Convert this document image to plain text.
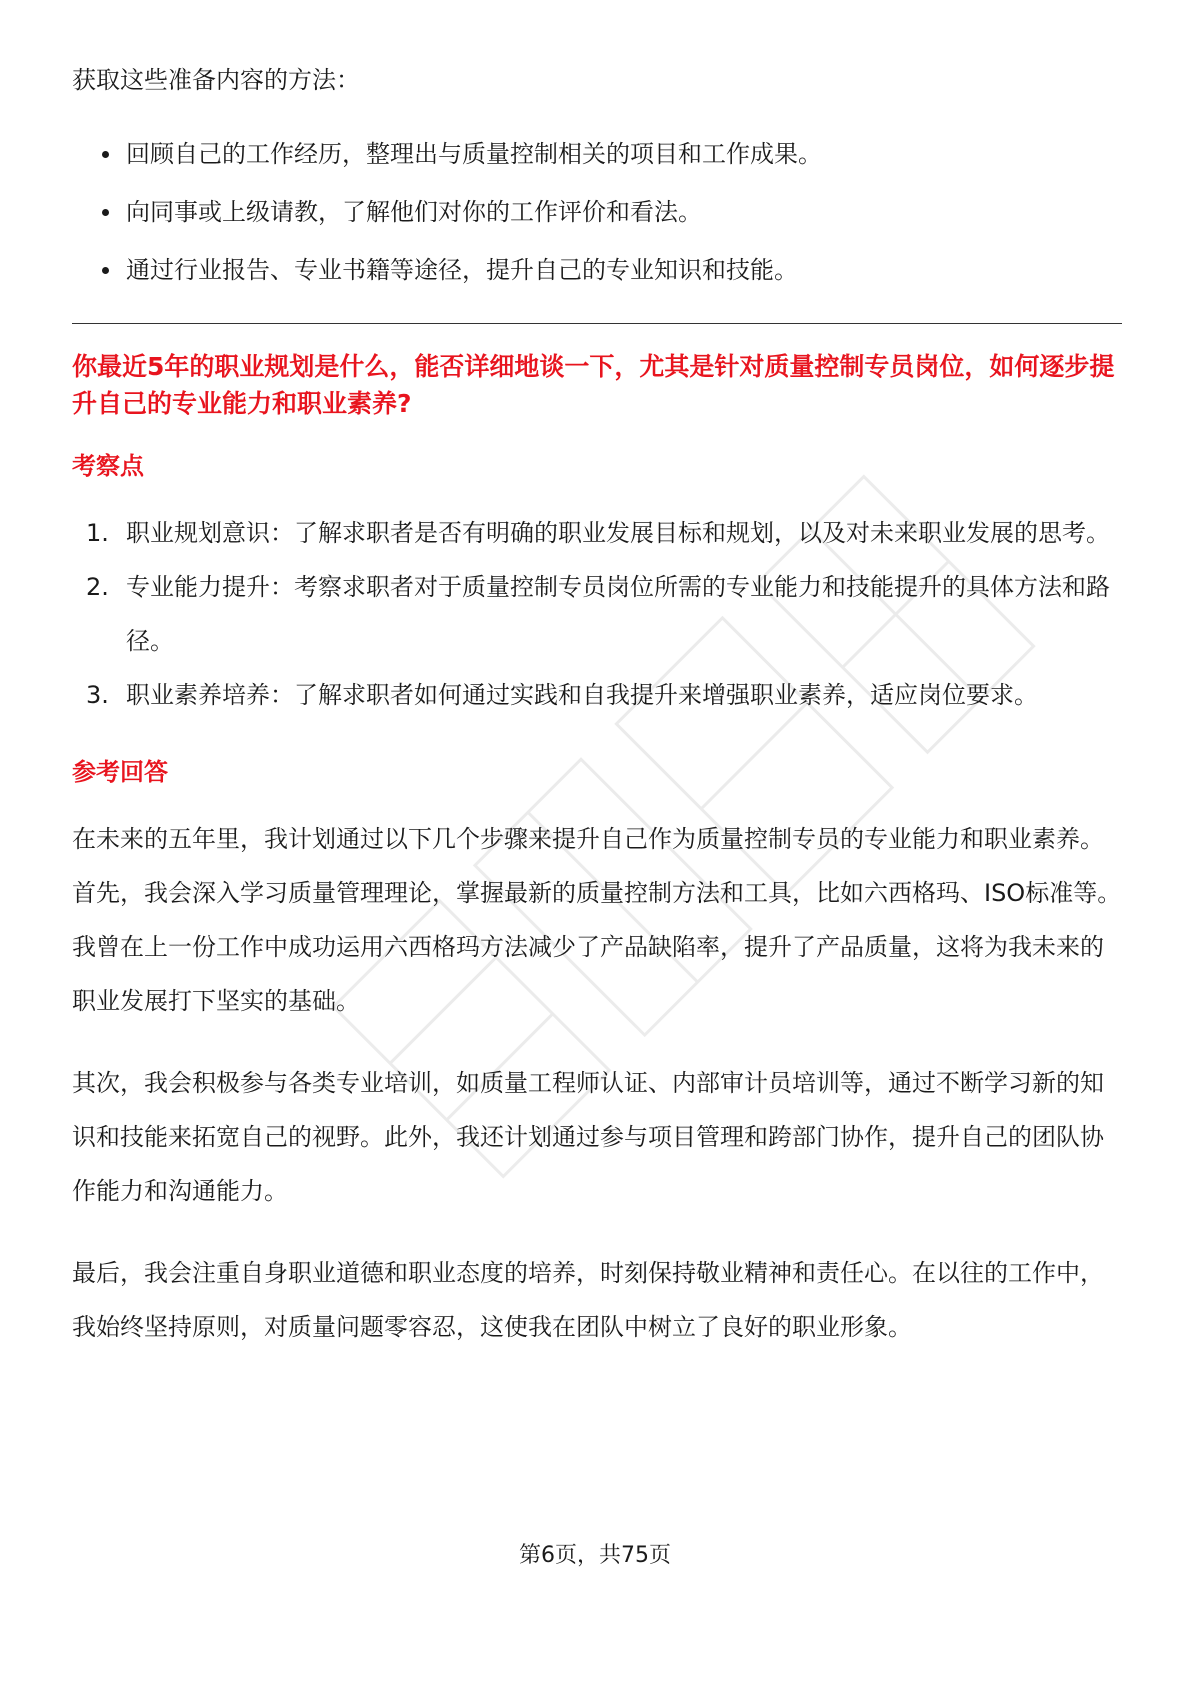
获取这些准备内容的方法：

回顾自己的工作经历，整理出与质量控制相关的项目和工作成果。
向同事或上级请教，了解他们对你的工作评价和看法。
通过行业报告、专业书籍等途径，提升自己的专业知识和技能。

你最近5年的职业规划是什么，能否详细地谈一下，尤其是针对质量控制专员岗位，如何逐步提升自己的专业能力和职业素养?

考察点

1. 职业规划意识：了解求职者是否有明确的职业发展目标和规划，以及对未来职业发展的思考。
2. 专业能力提升：考察求职者对于质量控制专员岗位所需的专业能力和技能提升的具体方法和路径。
3. 职业素养培养：了解求职者如何通过实践和自我提升来增强职业素养，适应岗位要求。

参考回答

在未来的五年里，我计划通过以下几个步骤来提升自己作为质量控制专员的专业能力和职业素养。首先，我会深入学习质量管理理论，掌握最新的质量控制方法和工具，比如六西格玛、ISO标准等。我曾在上一份工作中成功运用六西格玛方法减少了产品缺陷率，提升了产品质量，这将为我未来的职业发展打下坚实的基础。

其次，我会积极参与各类专业培训，如质量工程师认证、内部审计员培训等，通过不断学习新的知识和技能来拓宽自己的视野。此外，我还计划通过参与项目管理和跨部门协作，提升自己的团队协作能力和沟通能力。

最后，我会注重自身职业道德和职业态度的培养，时刻保持敬业精神和责任心。在以往的工作中，我始终坚持原则，对质量问题零容忍，这使我在团队中树立了良好的职业形象。

第6页，共75页
